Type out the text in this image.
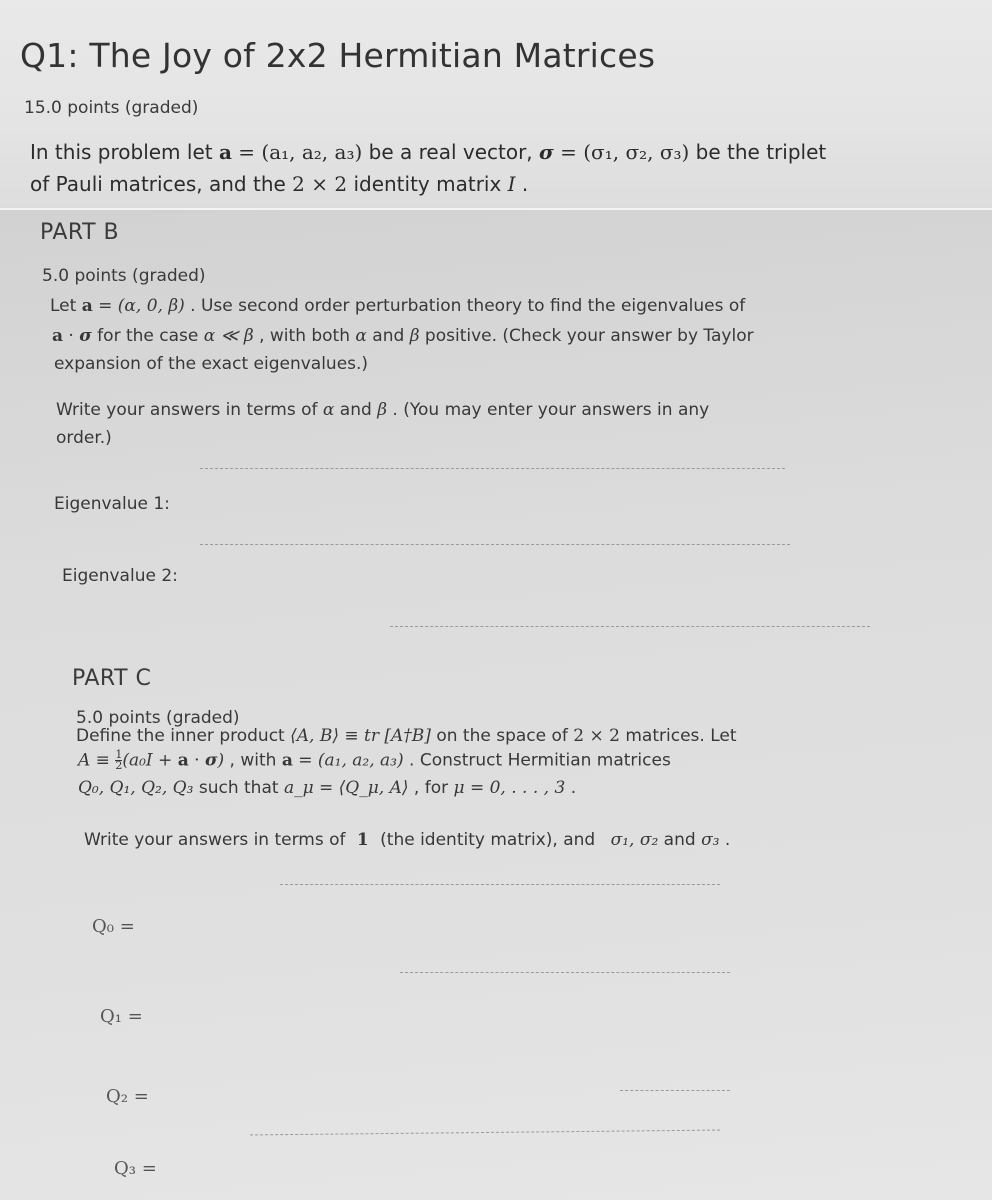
Q1: The Joy of 2x2 Hermitian Matrices
15.0 points (graded)
In this problem let a = (a₁, a₂, a₃) be a real vector, σ = (σ₁, σ₂, σ₃) be the triplet
of Pauli matrices, and the 2 × 2 identity matrix I .
PART B
5.0 points (graded)
Let a = (α, 0, β) . Use second order perturbation theory to find the eigenvalues of
a · σ for the case α ≪ β , with both α and β positive. (Check your answer by Taylor
expansion of the exact eigenvalues.)
Write your answers in terms of α and β . (You may enter your answers in any
order.)
Eigenvalue 1:
Eigenvalue 2:
PART C
5.0 points (graded)
Define the inner product ⟨A, B⟩ ≡ tr [A†B] on the space of 2 × 2 matrices. Let
$A \equiv \frac{1}{2} (a_0I + a \cdot \sigma)$ , with a = (a₁, a₂, a₃) . Construct Hermitian matrices
Q₀, Q₁, Q₂, Q₃ such that a_μ = ⟨Q_μ, A⟩ , for μ = 0, . . . , 3 .
Write your answers in terms of 1 (the identity matrix), and σ₁, σ₂ and σ₃ .
Q₀ =
Q₁ =
Q₂ =
Q₃ =
